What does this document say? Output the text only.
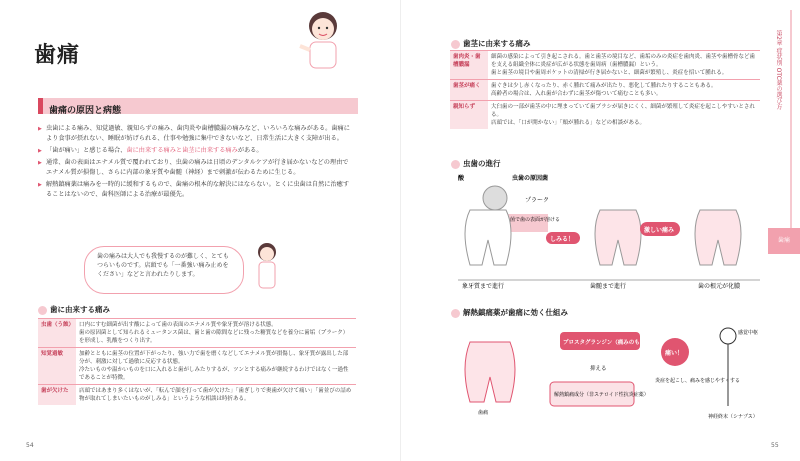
歯痛
歯痛の原因と病態

▶ 虫歯による痛み、知覚過敏、親知らずの痛み、歯肉炎や歯槽膿漏の痛みなど、いろいろな痛みがある。歯痛により食事が摂れない、睡眠が妨げられる、仕事や勉強に集中できないなど、日常生活に大きく支障が出る。

▶ 「歯が痛い」と感じる場合、歯に由来する痛みと歯茎に由来する痛みがある。

▶ 通常、歯の表面はエナメル質で覆われており、虫歯の痛みは日頃のデンタルケアが行き届かないなどの理由でエナメル質が損傷し、さらに内部の象牙質や歯髄（神経）まで刺激が伝わるために生じる。

▶ 解熱鎮痛薬は痛みを一時的に緩和するもので、歯痛の根本的な解決にはならない。とくに虫歯は自然に治癒することはないので、歯科医師による治療が最優先。

歯の痛みは大人でも我慢するのが難しく、とてもつらいものです。店頭でも「一番強い痛み止めをください」などと言われたりします。
歯に由来する痛み
虫歯（う蝕）	口内にすむ細菌が出す酸によって歯の表面のエナメル質や象牙質が溶ける状態。
歯の原因菌として知られるミュータンス菌は、歯と歯の隙間などに残った糖質などを養分に歯垢（プラーク）を形成し、乳酸をつくり出す。

知覚過敏	加齢とともに歯茎の位置が下がったり、強い力で歯を磨くなどしてエナメル質が損傷し、象牙質が露出した部分が、刺激に対して過敏に反応する状態。
冷たいものや温かいものを口に入れると歯がしみたりするが、ツンとする痛みが継続するわけではなく一過性であることが特徴。

歯が欠けた	店頭ではあまり多くはないが、「転んで顔を打って歯が欠けた」「歯ぎしりで奥歯が欠けて痛い」「歯並びの詰め物が取れてしまいたいものがしみる」というような相談は時折ある。
54
歯茎に由来する痛み
虫歯の進行
解熱鎮痛薬が歯痛に効く仕組み
55
歯肉炎・歯槽膿漏	細菌の感染によって引き起こされる。歯と歯茎の境目など、歯垢のみの炎症を歯肉炎、歯茎や歯槽骨など歯を支える組織全体に炎症が広がる状態を歯周病（歯槽膿漏）という。
歯と歯茎の境目や歯周ポケットの清掃が行き届かないと、細菌が繁殖し、炎症を招いて腫れる。

歯茎が痛く	歯ぐきは少し赤くなったり、赤く腫れて痛みが出たり、悪化して腫れたりすることもある。
高齢者の場合は、入れ歯が合わずに歯茎が傷ついて痛むことも多い。

親知らず	大臼歯の一部が歯茎の中に埋まっていて歯ブラシが届きにくく、細菌が繁殖して炎症を起こしやすいとされる。
店頭では、「口が開かない」「頬が腫れる」などの相談がある。
酸	虫歯の原因菌
プラーク
菌で歯の表面が溶ける
しみる！
激しい痛み
象牙質まで進行	歯髄まで進行	歯の根元が化膿
歯痛
プロスタグランジン（痛みのもと）
抑える
解熱鎮痛成分（非ステロイド性抗炎症薬）
痛い！
炎症を起こし、痛みを感じやすくする
感覚中枢
神経終末（シナプス）
第2章 症状別 OTC薬の選び方
歯痛
